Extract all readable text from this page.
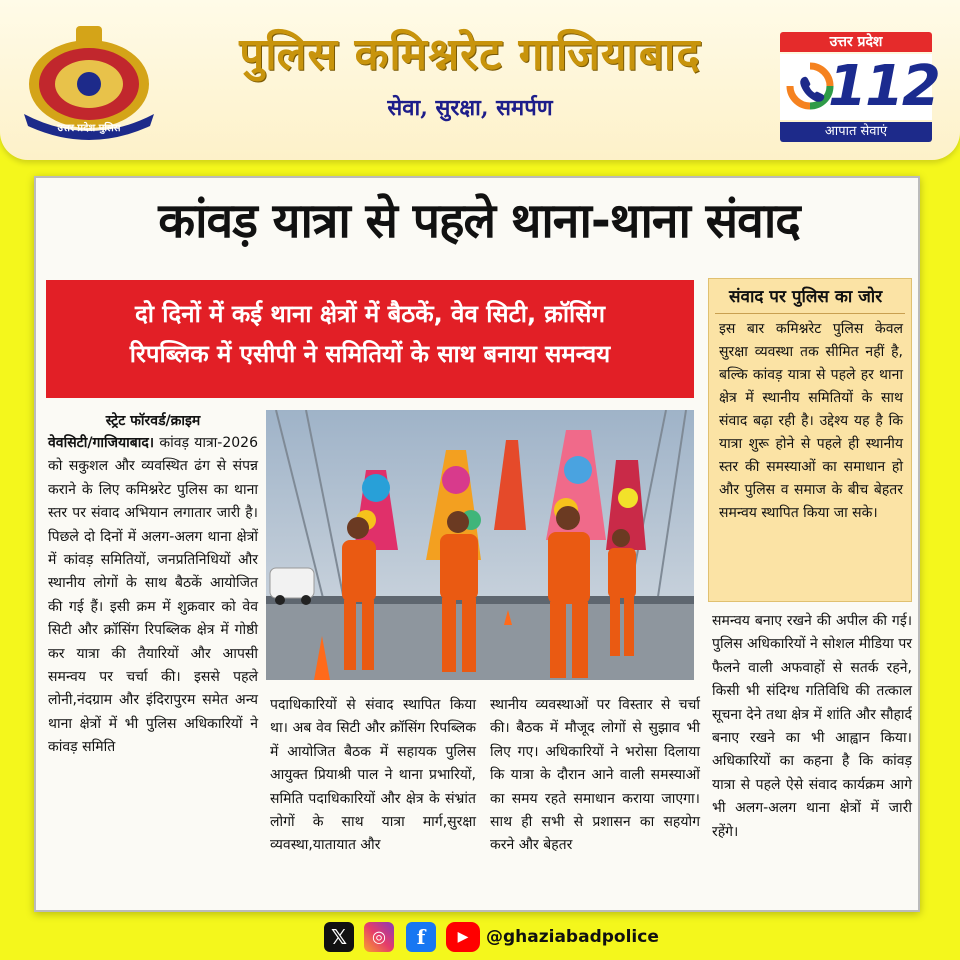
उत्तर प्रदेश पुलिस
पुलिस कमिश्नरेट गाजियाबाद
सेवा, सुरक्षा, समर्पण
उत्तर प्रदेश
112
आपात सेवाएं
कांवड़ यात्रा से पहले थाना-थाना संवाद
दो दिनों में कई थाना क्षेत्रों में बैठकें, वेव सिटी, क्रॉसिंग
रिपब्लिक में एसीपी ने समितियों के साथ बनाया समन्वय
संवाद पर पुलिस का जोर
इस बार कमिश्नरेट पुलिस केवल सुरक्षा व्यवस्था तक सीमित नहीं है, बल्कि कांवड़ यात्रा से पहले हर थाना क्षेत्र में स्थानीय समितियों के साथ संवाद बढ़ा रही है। उद्देश्य यह है कि यात्रा शुरू होने से पहले ही स्थानीय स्तर की समस्याओं का समाधान हो और पुलिस व समाज के बीच बेहतर समन्वय स्थापित किया जा सके।
स्ट्रेट फॉरवर्ड/क्राइम
वेवसिटी/गाजियाबाद। कांवड़ यात्रा-2026 को सकुशल और व्यवस्थित ढंग से संपन्न कराने के लिए कमिश्नरेट पुलिस का थाना स्तर पर संवाद अभियान लगातार जारी है। पिछले दो दिनों में अलग-अलग थाना क्षेत्रों में कांवड़ समितियों, जनप्रतिनिधियों और स्थानीय लोगों के साथ बैठकें आयोजित की गई हैं। इसी क्रम में शुक्रवार को वेव सिटी और क्रॉसिंग रिपब्लिक क्षेत्र में गोष्ठी कर यात्रा की तैयारियों और आपसी समन्वय पर चर्चा की। इससे पहले लोनी,नंदग्राम और इंदिरापुरम समेत अन्य थाना क्षेत्रों में भी पुलिस अधिकारियों ने कांवड़ समिति
पदाधिकारियों से संवाद स्थापित किया था। अब वेव सिटी और क्रॉसिंग रिपब्लिक में आयोजित बैठक में सहायक पुलिस आयुक्त प्रियाश्री पाल ने थाना प्रभारियों, समिति पदाधिकारियों और क्षेत्र के संभ्रांत लोगों के साथ यात्रा मार्ग,सुरक्षा व्यवस्था,यातायात और
स्थानीय व्यवस्थाओं पर विस्तार से चर्चा की। बैठक में मौजूद लोगों से सुझाव भी लिए गए। अधिकारियों ने भरोसा दिलाया कि यात्रा के दौरान आने वाली समस्याओं का समय रहते समाधान कराया जाएगा। साथ ही सभी से प्रशासन का सहयोग करने और बेहतर
समन्वय बनाए रखने की अपील की गई। पुलिस अधिकारियों ने सोशल मीडिया पर फैलने वाली अफवाहों से सतर्क रहने, किसी भी संदिग्ध गतिविधि की तत्काल सूचना देने तथा क्षेत्र में शांति और सौहार्द बनाए रखने का भी आह्वान किया। अधिकारियों का कहना है कि कांवड़ यात्रा से पहले ऐसे संवाद कार्यक्रम आगे भी अलग-अलग थाना क्षेत्रों में जारी रहेंगे।
𝕏	◎	f	▶	@ghaziabadpolice
